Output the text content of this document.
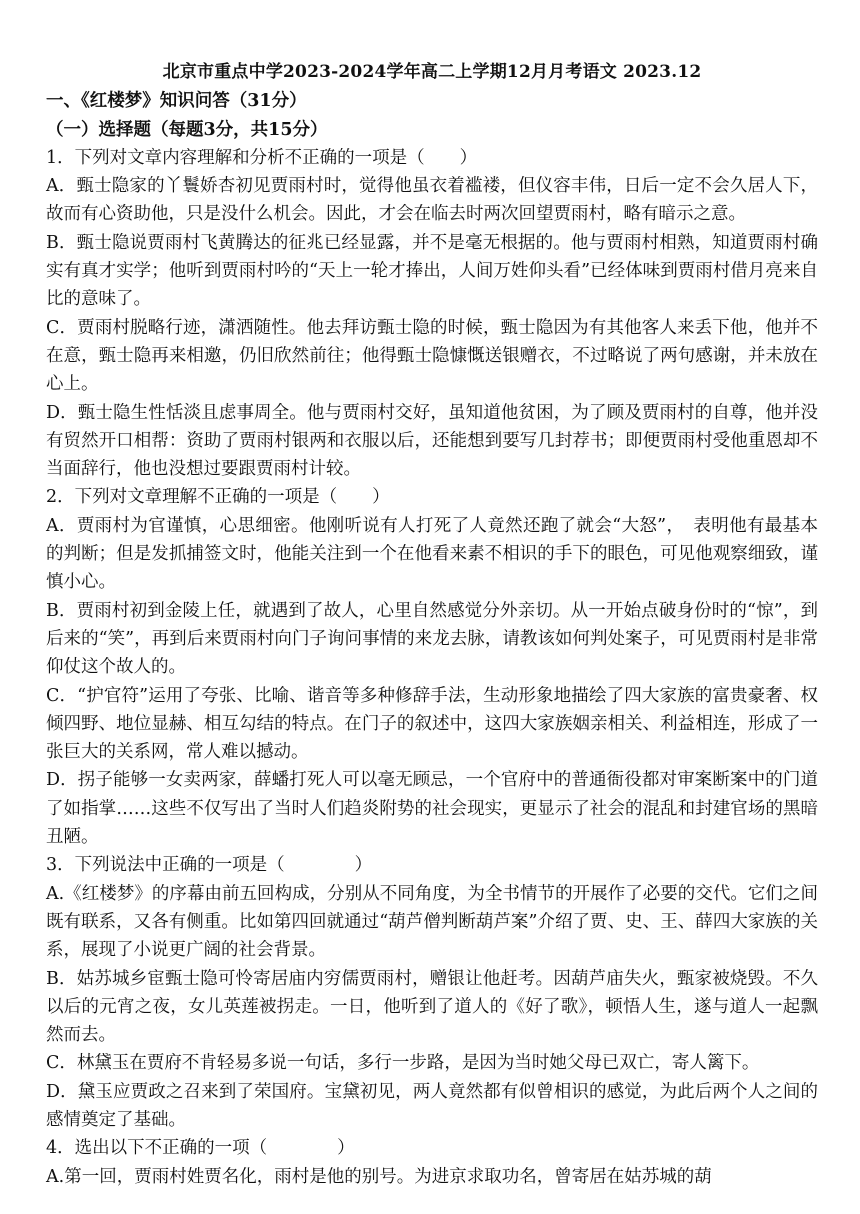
北京市重点中学2023-2024学年高二上学期12月月考语文 2023.12
一、《红楼梦》知识问答（31分）
（一）选择题（每题3分，共15分）

1．下列对文章内容理解和分析不正确的一项是（　　）

A．甄士隐家的丫鬟娇杏初见贾雨村时，觉得他虽衣着褴褛，但仪容丰伟，日后一定不会久居人下，故而有心资助他，只是没什么机会。因此，才会在临去时两次回望贾雨村，略有暗示之意。

B．甄士隐说贾雨村飞黄腾达的征兆已经显露，并不是毫无根据的。他与贾雨村相熟，知道贾雨村确实有真才实学；他听到贾雨村吟的“天上一轮才捧出，人间万姓仰头看”已经体味到贾雨村借月亮来自比的意味了。

C．贾雨村脱略行迹，潇洒随性。他去拜访甄士隐的时候，甄士隐因为有其他客人来丢下他，他并不在意，甄士隐再来相邀，仍旧欣然前往；他得甄士隐慷慨送银赠衣，不过略说了两句感谢，并未放在心上。

D．甄士隐生性恬淡且虑事周全。他与贾雨村交好，虽知道他贫困，为了顾及贾雨村的自尊，他并没有贸然开口相帮：资助了贾雨村银两和衣服以后，还能想到要写几封荐书；即便贾雨村受他重恩却不当面辞行，他也没想过要跟贾雨村计较。

2．下列对文章理解不正确的一项是（　　）

A．贾雨村为官谨慎，心思细密。他刚听说有人打死了人竟然还跑了就会“大怒”，　表明他有最基本的判断；但是发抓捕签文时，他能关注到一个在他看来素不相识的手下的眼色，可见他观察细致，谨慎小心。

B．贾雨村初到金陵上任，就遇到了故人，心里自然感觉分外亲切。从一开始点破身份时的“惊”，到后来的“笑”，再到后来贾雨村向门子询问事情的来龙去脉，请教该如何判处案子，可见贾雨村是非常仰仗这个故人的。

C．“护官符”运用了夸张、比喻、谐音等多种修辞手法，生动形象地描绘了四大家族的富贵豪奢、权倾四野、地位显赫、相互勾结的特点。在门子的叙述中，这四大家族姻亲相关、利益相连，形成了一张巨大的关系网，常人难以撼动。

D．拐子能够一女卖两家，薛蟠打死人可以毫无顾忌，一个官府中的普通衙役都对审案断案中的门道了如指掌……这些不仅写出了当时人们趋炎附势的社会现实，更显示了社会的混乱和封建官场的黑暗丑陋。

3．下列说法中正确的一项是（　　　　）

A.《红楼梦》的序幕由前五回构成，分别从不同角度，为全书情节的开展作了必要的交代。它们之间既有联系，又各有侧重。比如第四回就通过“葫芦僧判断葫芦案”介绍了贾、史、王、薛四大家族的关系，展现了小说更广阔的社会背景。

B．姑苏城乡宦甄士隐可怜寄居庙内穷儒贾雨村，赠银让他赶考。因葫芦庙失火，甄家被烧毁。不久以后的元宵之夜，女儿英莲被拐走。一日，他听到了道人的《好了歌》，顿悟人生，遂与道人一起飘然而去。

C．林黛玉在贾府不肯轻易多说一句话，多行一步路，是因为当时她父母已双亡，寄人篱下。

D．黛玉应贾政之召来到了荣国府。宝黛初见，两人竟然都有似曾相识的感觉，为此后两个人之间的感情奠定了基础。

4．选出以下不正确的一项（　　　　）

A.第一回，贾雨村姓贾名化，雨村是他的别号。为进京求取功名，曾寄居在姑苏城的葫
